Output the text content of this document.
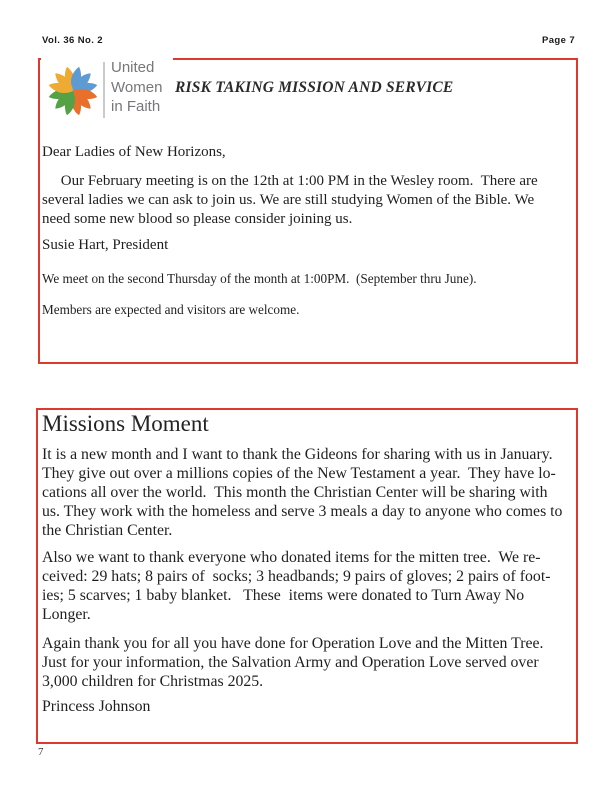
Vol. 36 No. 2	Page 7
United
Women
in Faith
RISK TAKING MISSION AND SERVICE
Dear Ladies of New Horizons,
Our February meeting is on the 12th at 1:00 PM in the Wesley room.  There are
several ladies we can ask to join us. We are still studying Women of the Bible. We
need some new blood so please consider joining us.
Susie Hart, President
We meet on the second Thursday of the month at 1:00PM.  (September thru June).
Members are expected and visitors are welcome.
Missions Moment
It is a new month and I want to thank the Gideons for sharing with us in January.
They give out over a millions copies of the New Testament a year.  They have lo-
cations all over the world.  This month the Christian Center will be sharing with
us. They work with the homeless and serve 3 meals a day to anyone who comes to
the Christian Center.
Also we want to thank everyone who donated items for the mitten tree.  We re-
ceived: 29 hats; 8 pairs of  socks; 3 headbands; 9 pairs of gloves; 2 pairs of foot-
ies; 5 scarves; 1 baby blanket.   These  items were donated to Turn Away No
Longer.
Again thank you for all you have done for Operation Love and the Mitten Tree.
Just for your information, the Salvation Army and Operation Love served over
3,000 children for Christmas 2025.
Princess Johnson
7
